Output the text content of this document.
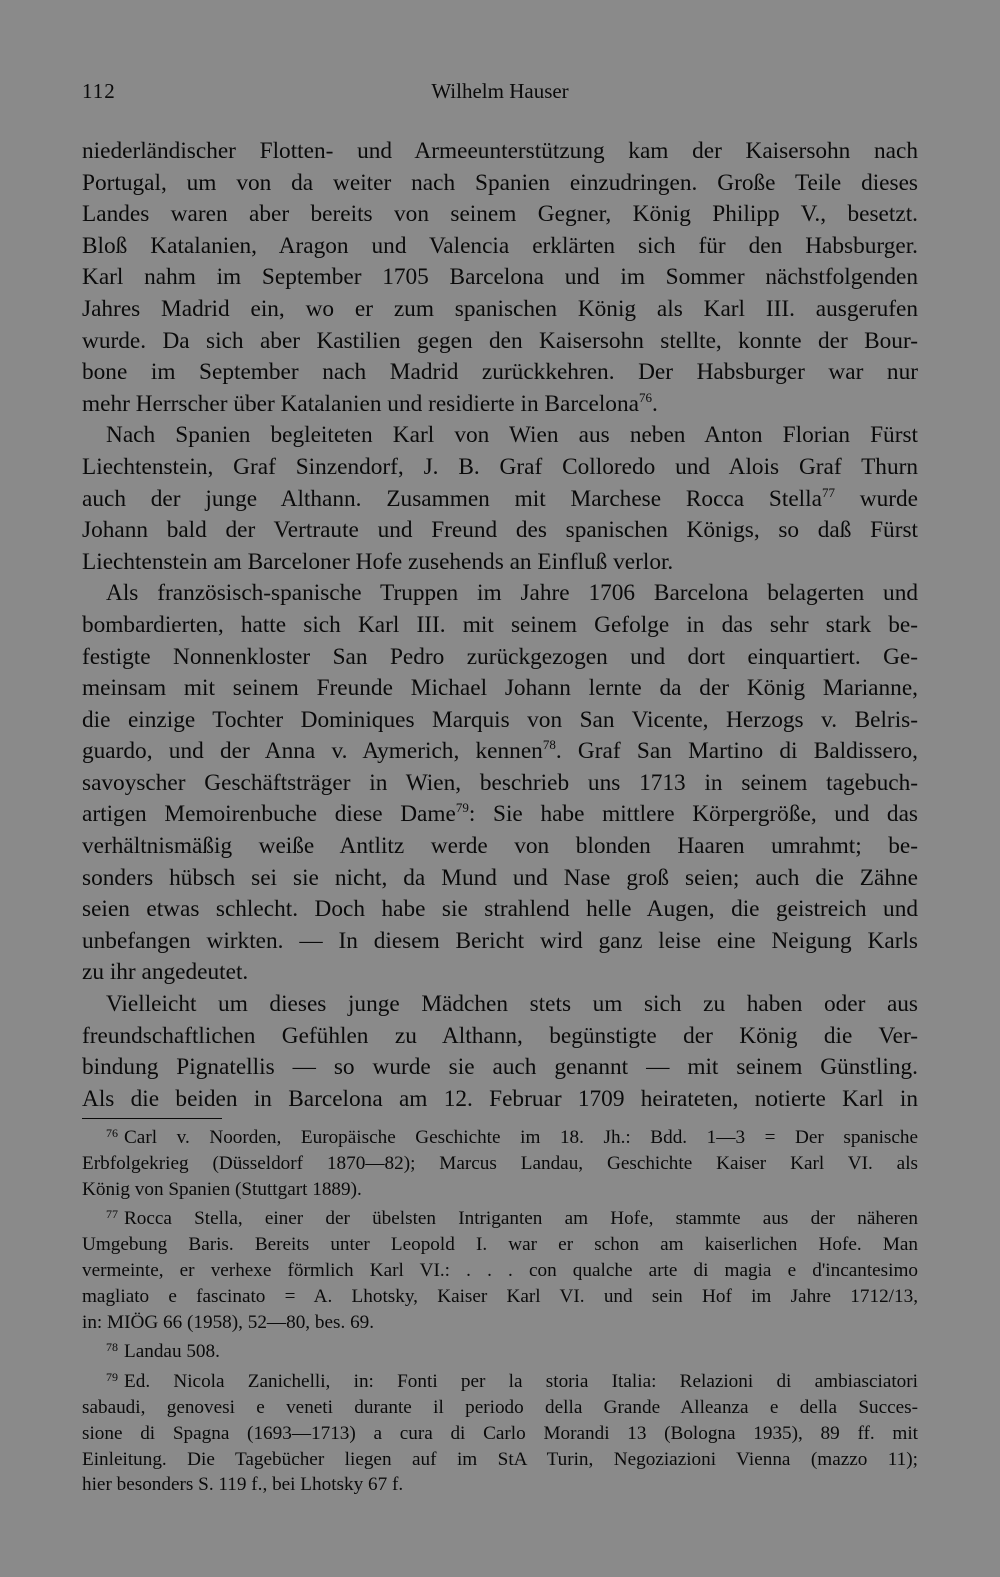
112	Wilhelm Hauser
niederländischer Flotten- und Armeeunterstützung kam der Kaisersohn nach
Portugal, um von da weiter nach Spanien einzudringen. Große Teile dieses
Landes waren aber bereits von seinem Gegner, König Philipp V., besetzt.
Bloß Katalanien, Aragon und Valencia erklärten sich für den Habsburger.
Karl nahm im September 1705 Barcelona und im Sommer nächstfolgenden
Jahres Madrid ein, wo er zum spanischen König als Karl III. ausgerufen
wurde. Da sich aber Kastilien gegen den Kaisersohn stellte, konnte der Bour-
bone im September nach Madrid zurückkehren. Der Habsburger war nur
mehr Herrscher über Katalanien und residierte in Barcelona$^{76}$.
Nach Spanien begleiteten Karl von Wien aus neben Anton Florian Fürst
Liechtenstein, Graf Sinzendorf, J. B. Graf Colloredo und Alois Graf Thurn
auch der junge Althann. Zusammen mit Marchese Rocca Stella$^{77}$ wurde
Johann bald der Vertraute und Freund des spanischen Königs, so daß Fürst
Liechtenstein am Barceloner Hofe zusehends an Einfluß verlor.
Als französisch-spanische Truppen im Jahre 1706 Barcelona belagerten und
bombardierten, hatte sich Karl III. mit seinem Gefolge in das sehr stark be-
festigte Nonnenkloster San Pedro zurückgezogen und dort einquartiert. Ge-
meinsam mit seinem Freunde Michael Johann lernte da der König Marianne,
die einzige Tochter Dominiques Marquis von San Vicente, Herzogs v. Belris-
guardo, und der Anna v. Aymerich, kennen$^{78}$. Graf San Martino di Baldissero,
savoyscher Geschäftsträger in Wien, beschrieb uns 1713 in seinem tagebuch-
artigen Memoirenbuche diese Dame$^{79}$: Sie habe mittlere Körpergröße, und das
verhältnismäßig weiße Antlitz werde von blonden Haaren umrahmt; be-
sonders hübsch sei sie nicht, da Mund und Nase groß seien; auch die Zähne
seien etwas schlecht. Doch habe sie strahlend helle Augen, die geistreich und
unbefangen wirkten. — In diesem Bericht wird ganz leise eine Neigung Karls
zu ihr angedeutet.
Vielleicht um dieses junge Mädchen stets um sich zu haben oder aus
freundschaftlichen Gefühlen zu Althann, begünstigte der König die Ver-
bindung Pignatellis — so wurde sie auch genannt — mit seinem Günstling.
Als die beiden in Barcelona am 12. Februar 1709 heirateten, notierte Karl in
$^{76}$ Carl v. Noorden, Europäische Geschichte im 18. Jh.: Bdd. 1—3 = Der spanische
Erbfolgekrieg (Düsseldorf 1870—82); Marcus Landau, Geschichte Kaiser Karl VI. als
König von Spanien (Stuttgart 1889).
$^{77}$ Rocca Stella, einer der übelsten Intriganten am Hofe, stammte aus der näheren
Umgebung Baris. Bereits unter Leopold I. war er schon am kaiserlichen Hofe. Man
vermeinte, er verhexe förmlich Karl VI.: . . . con qualche arte di magia e d'incantesimo
magliato e fascinato = A. Lhotsky, Kaiser Karl VI. und sein Hof im Jahre 1712/13,
in: MIÖG 66 (1958), 52—80, bes. 69.
$^{78}$ Landau 508.
$^{79}$ Ed. Nicola Zanichelli, in: Fonti per la storia Italia: Relazioni di ambiasciatori
sabaudi, genovesi e veneti durante il periodo della Grande Alleanza e della Succes-
sione di Spagna (1693—1713) a cura di Carlo Morandi 13 (Bologna 1935), 89 ff. mit
Einleitung. Die Tagebücher liegen auf im StA Turin, Negoziazioni Vienna (mazzo 11);
hier besonders S. 119 f., bei Lhotsky 67 f.
